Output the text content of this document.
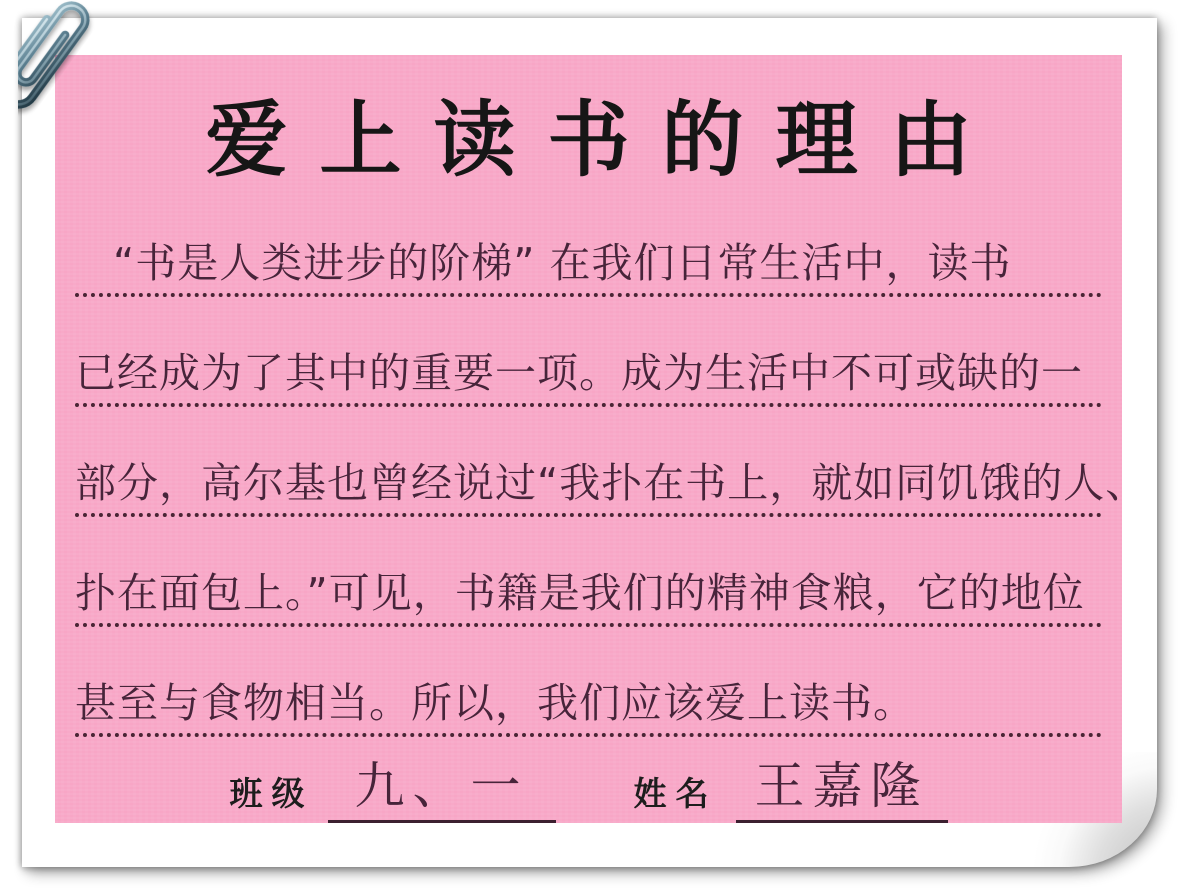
爱上读书的理由
“书是人类进步的阶梯” 在我们日常生活中，读书
已经成为了其中的重要一项。成为生活中不可或缺的一
部分，高尔基也曾经说过“我扑在书上，就如同饥饿的人、
扑在面包上。”可见，书籍是我们的精神食粮，它的地位
甚至与食物相当。所以，我们应该爱上读书。
班级 九、一	姓名 王嘉隆
